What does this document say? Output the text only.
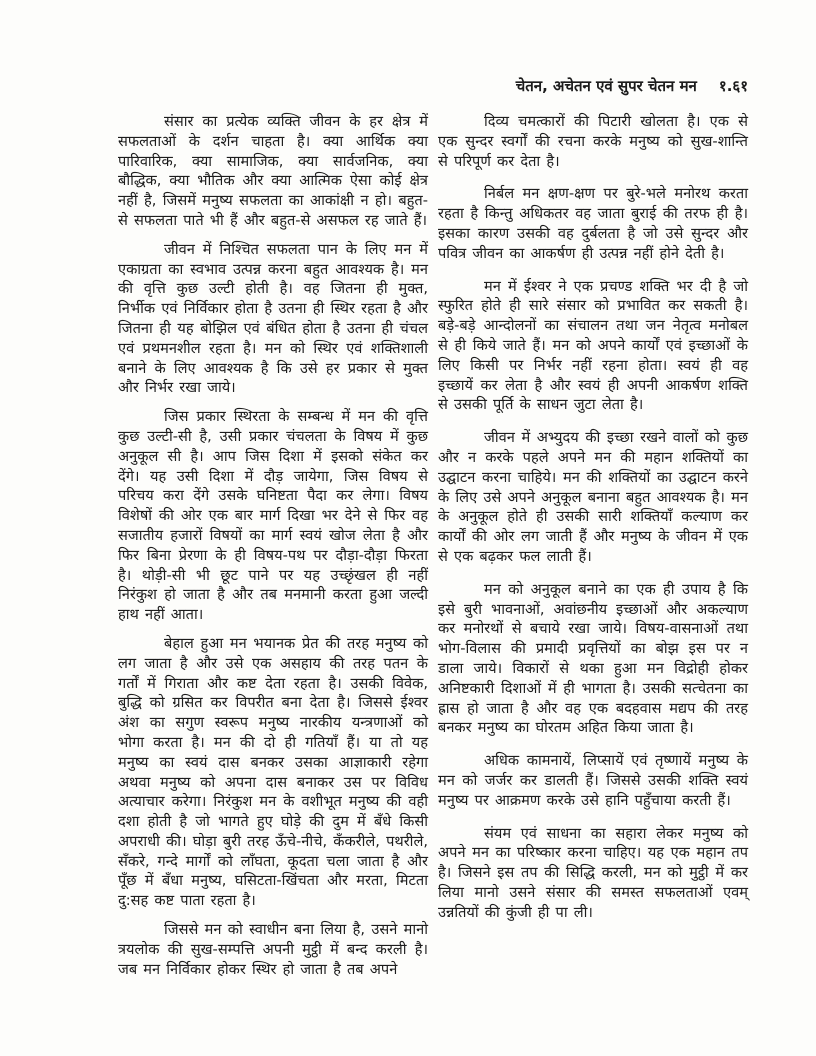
चेतन, अचेतन एवं सुपर चेतन मन १.६१

संसार का प्रत्येक व्यक्ति जीवन के हर क्षेत्र में सफलताओं के दर्शन चाहता है। क्या आर्थिक क्या पारिवारिक, क्या सामाजिक, क्या सार्वजनिक, क्या बौद्धिक, क्या भौतिक और क्या आत्मिक ऐसा कोई क्षेत्र नहीं है, जिसमें मनुष्य सफलता का आकांक्षी न हो। बहुत-से सफलता पाते भी हैं और बहुत-से असफल रह जाते हैं।

जीवन में निश्चित सफलता पान के लिए मन में एकाग्रता का स्वभाव उत्पन्न करना बहुत आवश्यक है। मन की वृत्ति कुछ उल्टी होती है। वह जितना ही मुक्त, निर्भीक एवं निर्विकार होता है उतना ही स्थिर रहता है और जितना ही यह बोझिल एवं बंधित होता है उतना ही चंचल एवं प्रथमनशील रहता है। मन को स्थिर एवं शक्तिशाली बनाने के लिए आवश्यक है कि उसे हर प्रकार से मुक्त और निर्भर रखा जाये।

जिस प्रकार स्थिरता के सम्बन्ध में मन की वृत्ति कुछ उल्टी-सी है, उसी प्रकार चंचलता के विषय में कुछ अनुकूल सी है। आप जिस दिशा में इसको संकेत कर देंगे। यह उसी दिशा में दौड़ जायेगा, जिस विषय से परिचय करा देंगे उसके घनिष्टता पैदा कर लेगा। विषय विशेषों की ओर एक बार मार्ग दिखा भर देने से फिर वह सजातीय हजारों विषयों का मार्ग स्वयं खोज लेता है और फिर बिना प्रेरणा के ही विषय-पथ पर दौड़ा-दौड़ा फिरता है। थोड़ी-सी भी छूट पाने पर यह उच्छृंखल ही नहीं निरंकुश हो जाता है और तब मनमानी करता हुआ जल्दी हाथ नहीं आता।

बेहाल हुआ मन भयानक प्रेत की तरह मनुष्य को लग जाता है और उसे एक असहाय की तरह पतन के गर्तों में गिराता और कष्ट देता रहता है। उसकी विवेक, बुद्धि को ग्रसित कर विपरीत बना देता है। जिससे ईश्वर अंश का सगुण स्वरूप मनुष्य नारकीय यन्त्रणाओं को भोगा करता है। मन की दो ही गतियाँ हैं। या तो यह मनुष्य का स्वयं दास बनकर उसका आज्ञाकारी रहेगा अथवा मनुष्य को अपना दास बनाकर उस पर विविध अत्याचार करेगा। निरंकुश मन के वशीभूत मनुष्य की वही दशा होती है जो भागते हुए घोड़े की दुम में बँधे किसी अपराधी की। घोड़ा बुरी तरह ऊँचे-नीचे, कँकरीले, पथरीले, सँकरे, गन्दे मार्गों को लाँघता, कूदता चला जाता है और पूँछ में बँधा मनुष्य, घसिटता-खिंचता और मरता, मिटता दु:सह कष्ट पाता रहता है।

जिससे मन को स्वाधीन बना लिया है, उसने मानो त्रयलोक की सुख-सम्पत्ति अपनी मुट्ठी में बन्द करली है। जब मन निर्विकार होकर स्थिर हो जाता है तब अपने

दिव्य चमत्कारों की पिटारी खोलता है। एक से एक सुन्दर स्वर्गों की रचना करके मनुष्य को सुख-शान्ति से परिपूर्ण कर देता है।

निर्बल मन क्षण-क्षण पर बुरे-भले मनोरथ करता रहता है किन्तु अधिकतर वह जाता बुराई की तरफ ही है। इसका कारण उसकी वह दुर्बलता है जो उसे सुन्दर और पवित्र जीवन का आकर्षण ही उत्पन्न नहीं होने देती है।

मन में ईश्वर ने एक प्रचण्ड शक्ति भर दी है जो स्फुरित होते ही सारे संसार को प्रभावित कर सकती है। बड़े-बड़े आन्दोलनों का संचालन तथा जन नेतृत्व मनोबल से ही किये जाते हैं। मन को अपने कार्यों एवं इच्छाओं के लिए किसी पर निर्भर नहीं रहना होता। स्वयं ही वह इच्छायें कर लेता है और स्वयं ही अपनी आकर्षण शक्ति से उसकी पूर्ति के साधन जुटा लेता है।

जीवन में अभ्युदय की इच्छा रखने वालों को कुछ और न करके पहले अपने मन की महान शक्तियों का उद्घाटन करना चाहिये। मन की शक्तियों का उद्घाटन करने के लिए उसे अपने अनुकूल बनाना बहुत आवश्यक है। मन के अनुकूल होते ही उसकी सारी शक्तियाँ कल्याण कर कार्यों की ओर लग जाती हैं और मनुष्य के जीवन में एक से एक बढ़कर फल लाती हैं।

मन को अनुकूल बनाने का एक ही उपाय है कि इसे बुरी भावनाओं, अवांछनीय इच्छाओं और अकल्याण कर मनोरथों से बचाये रखा जाये। विषय-वासनाओं तथा भोग-विलास की प्रमादी प्रवृत्तियों का बोझ इस पर न डाला जाये। विकारों से थका हुआ मन विद्रोही होकर अनिष्टकारी दिशाओं में ही भागता है। उसकी सत्चेतना का ह्रास हो जाता है और वह एक बदहवास मद्यप की तरह बनकर मनुष्य का घोरतम अहित किया जाता है।

अधिक कामनायें, लिप्सायें एवं तृष्णायें मनुष्य के मन को जर्जर कर डालती हैं। जिससे उसकी शक्ति स्वयं मनुष्य पर आक्रमण करके उसे हानि पहुँचाया करती हैं।

संयम एवं साधना का सहारा लेकर मनुष्य को अपने मन का परिष्कार करना चाहिए। यह एक महान तप है। जिसने इस तप की सिद्धि करली, मन को मुट्ठी में कर लिया मानो उसने संसार की समस्त सफलताओं एवम् उन्नतियों की कुंजी ही पा ली।
